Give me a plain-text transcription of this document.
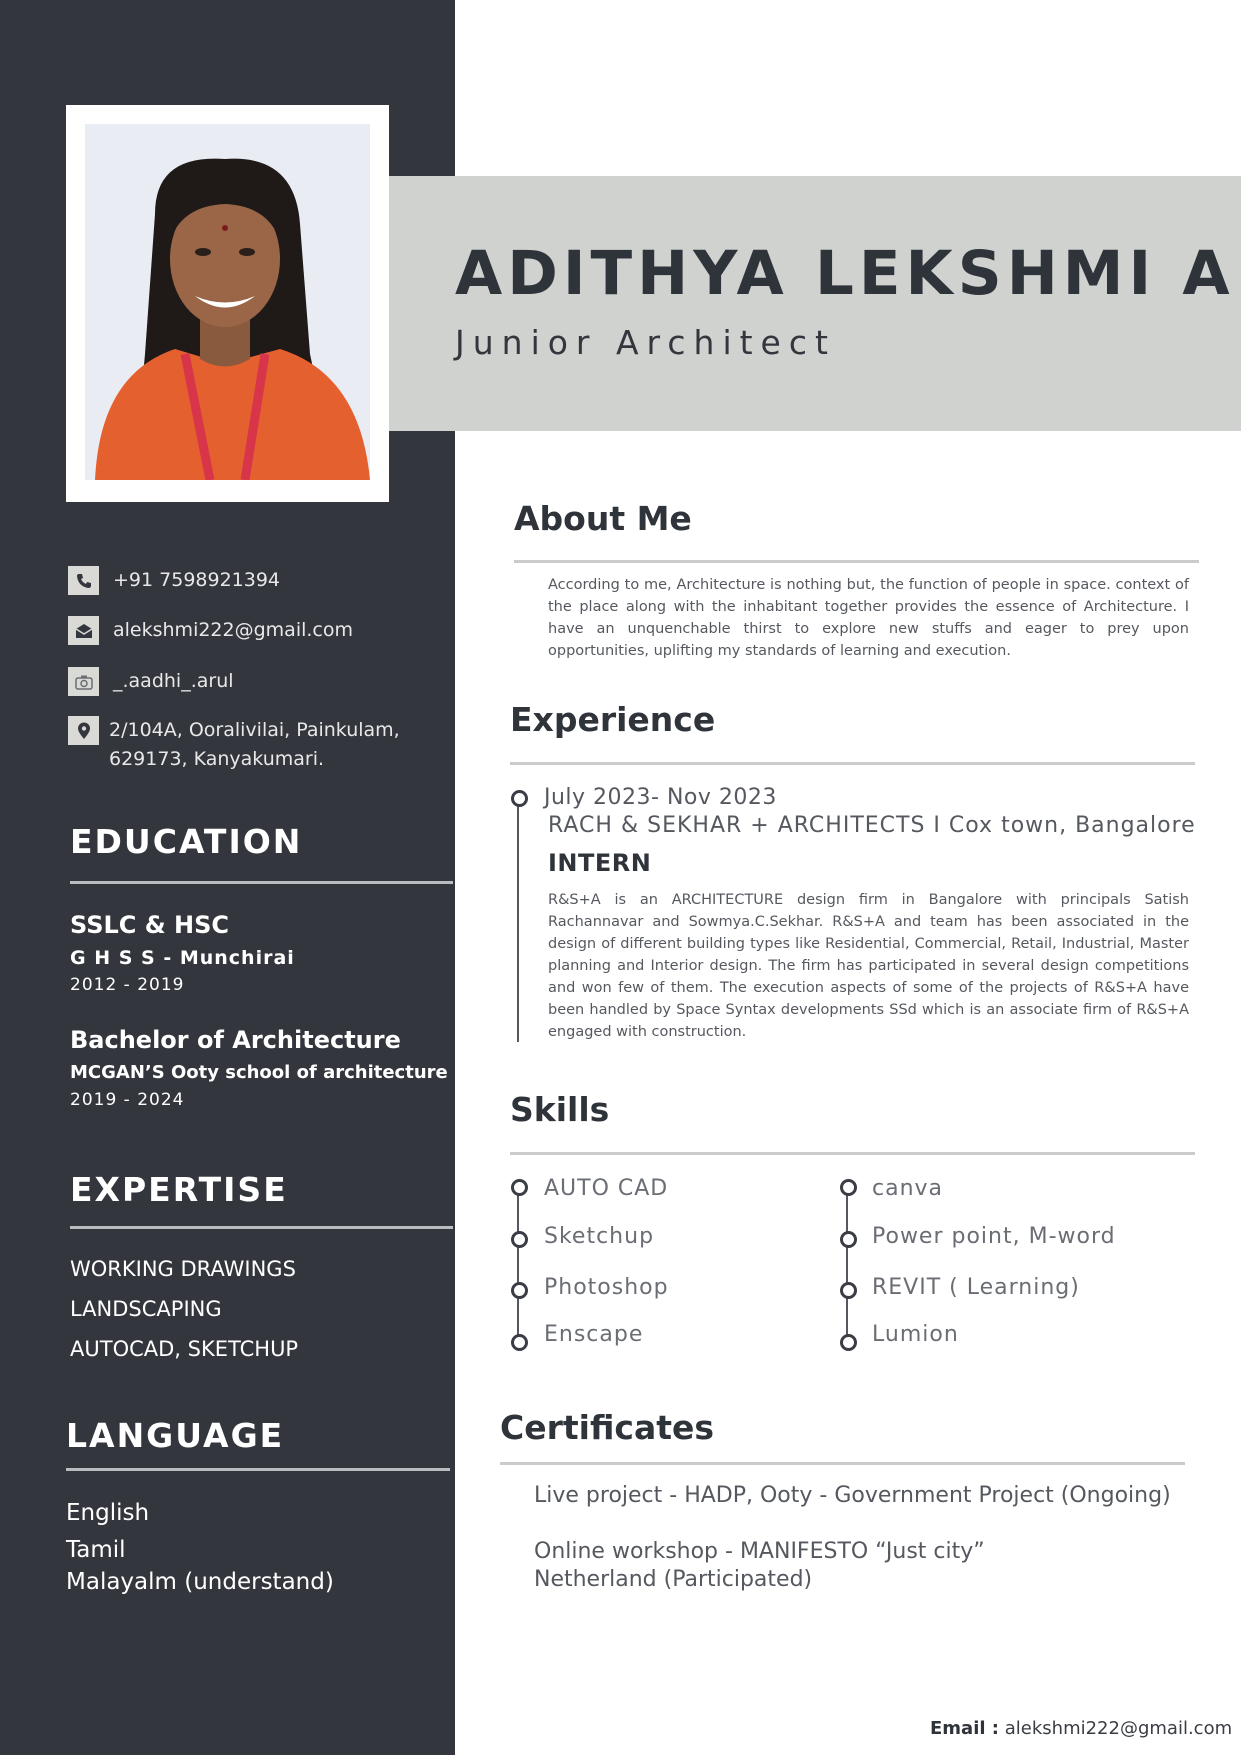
ADITHYA LEKSHMI A
Junior Architect
+91 7598921394
alekshmi222@gmail.com
_.aadhi_.arul
2/104A, Ooralivilai, Painkulam,
629173, Kanyakumari.
EDUCATION
SSLC & HSC
G H S S - Munchirai
2012 - 2019
Bachelor of Architecture
MCGAN’S Ooty school of architecture
2019 - 2024
EXPERTISE
WORKING DRAWINGS
LANDSCAPING
AUTOCAD, SKETCHUP
LANGUAGE
English
Tamil
Malayalm (understand)
About Me
According to me, Architecture is nothing but, the function of people in space. context of the place along with the inhabitant together provides the essence of Architecture. I have an unquenchable thirst to explore new stuffs and eager to prey upon opportunities, uplifting my standards of learning and execution.
Experience
July 2023- Nov 2023
RACH & SEKHAR + ARCHITECTS I Cox town, Bangalore
INTERN
R&S+A is an ARCHITECTURE design firm in Bangalore with principals Satish Rachannavar and Sowmya.C.Sekhar. R&S+A and team has been associated in the design of different building types like Residential, Commercial, Retail, Industrial, Master planning and Interior design. The firm has participated in several design competitions and won few of them. The execution aspects of some of the projects of R&S+A have been handled by Space Syntax developments SSd which is an associate firm of R&S+A engaged with construction.
Skills
AUTO CAD
Sketchup
Photoshop
Enscape
canva
Power point, M-word
REVIT ( Learning)
Lumion
Certificates
Live project - HADP, Ooty - Government Project (Ongoing)
Online workshop - MANIFESTO “Just city” Netherland (Participated)
Email : alekshmi222@gmail.com
